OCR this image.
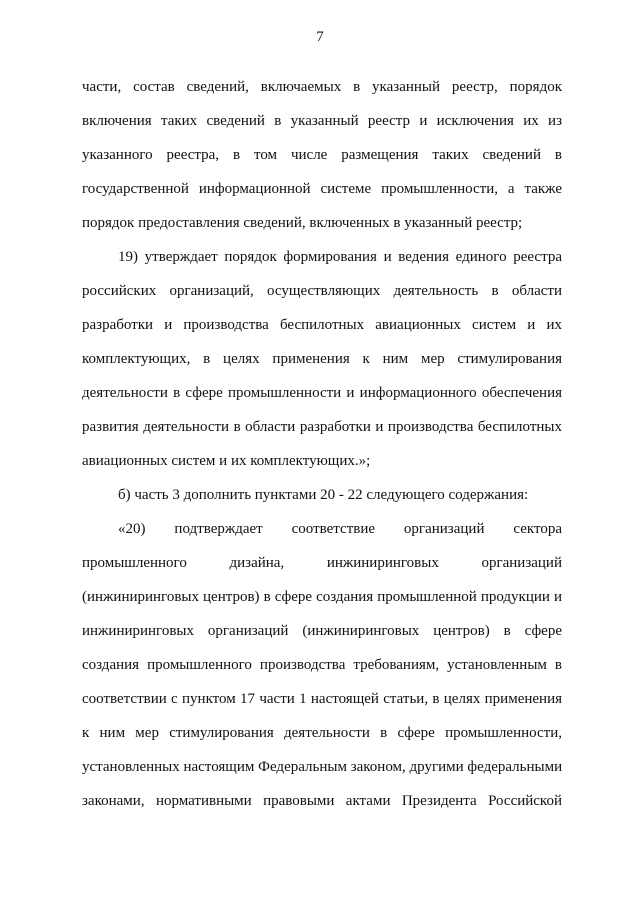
7
части, состав сведений, включаемых в указанный реестр, порядок
включения таких сведений в указанный реестр и исключения их из
указанного реестра, в том числе размещения таких сведений в
государственной информационной системе промышленности, а также
порядок предоставления сведений, включенных в указанный реестр;
19) утверждает порядок формирования и ведения единого реестра
российских организаций, осуществляющих деятельность в области
разработки и производства беспилотных авиационных систем и их
комплектующих, в целях применения к ним мер стимулирования
деятельности в сфере промышленности и информационного обеспечения
развития деятельности в области разработки и производства беспилотных
авиационных систем и их комплектующих.»;
б) часть 3 дополнить пунктами 20 - 22 следующего содержания:
«20) подтверждает соответствие организаций сектора
промышленного дизайна, инжиниринговых организаций
(инжиниринговых центров) в сфере создания промышленной продукции и
инжиниринговых организаций (инжиниринговых центров) в сфере
создания промышленного производства требованиям, установленным в
соответствии с пунктом 17 части 1 настоящей статьи, в целях применения
к ним мер стимулирования деятельности в сфере промышленности,
установленных настоящим Федеральным законом, другими федеральными
законами, нормативными правовыми актами Президента Российской
